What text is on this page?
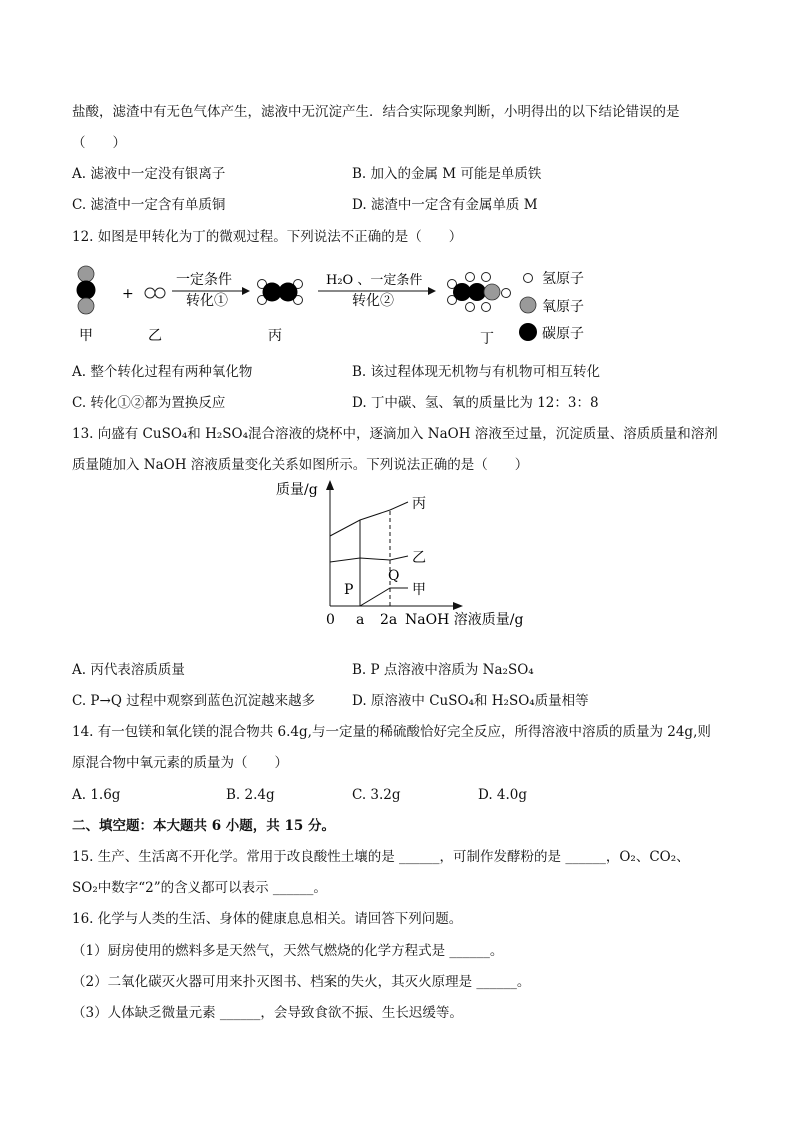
盐酸，滤渣中有无色气体产生，滤液中无沉淀产生．结合实际现象判断，小明得出的以下结论错误的是
（　　）
A. 滤液中一定没有银离子	B. 加入的金属 M 可能是单质铁
C. 滤渣中一定含有单质铜	D. 滤渣中一定含有金属单质 M
12. 如图是甲转化为丁的微观过程。下列说法不正确的是（　　）
+
一定条件
转化①
H₂O 、一定条件
转化②
氢原子
氧原子
碳原子
甲	乙	丙	丁
A. 整个转化过程有两种氧化物	B. 该过程体现无机物与有机物可相互转化
C. 转化①②都为置换反应	D. 丁中碳、氢、氧的质量比为 12：3：8
13. 向盛有 CuSO₄和 H₂SO₄混合溶液的烧杯中，逐滴加入 NaOH 溶液至过量，沉淀质量、溶质质量和溶剂
质量随加入 NaOH 溶液质量变化关系如图所示。下列说法正确的是（　　）
质量/g
NaOH 溶液质量/g
0 a 2a
丙
乙
甲
P
Q
A. 丙代表溶质质量	B. P 点溶液中溶质为 Na₂SO₄
C. P→Q 过程中观察到蓝色沉淀越来越多	D. 原溶液中 CuSO₄和 H₂SO₄质量相等
14. 有一包镁和氧化镁的混合物共 6.4g,与一定量的稀硫酸恰好完全反应，所得溶液中溶质的质量为 24g,则
原混合物中氧元素的质量为（　　）
A. 1.6g	B. 2.4g	C. 3.2g	D. 4.0g
二、填空题：本大题共 6 小题，共 15 分。
15. 生产、生活离不开化学。常用于改良酸性土壤的是 ______，可制作发酵粉的是 ______，O₂、CO₂、
SO₂中数字“2”的含义都可以表示 ______。
16. 化学与人类的生活、身体的健康息息相关。请回答下列问题。
（1）厨房使用的燃料多是天然气，天然气燃烧的化学方程式是 ______。
（2）二氧化碳灭火器可用来扑灭图书、档案的失火，其灭火原理是 ______。
（3）人体缺乏微量元素 ______，会导致食欲不振、生长迟缓等。
